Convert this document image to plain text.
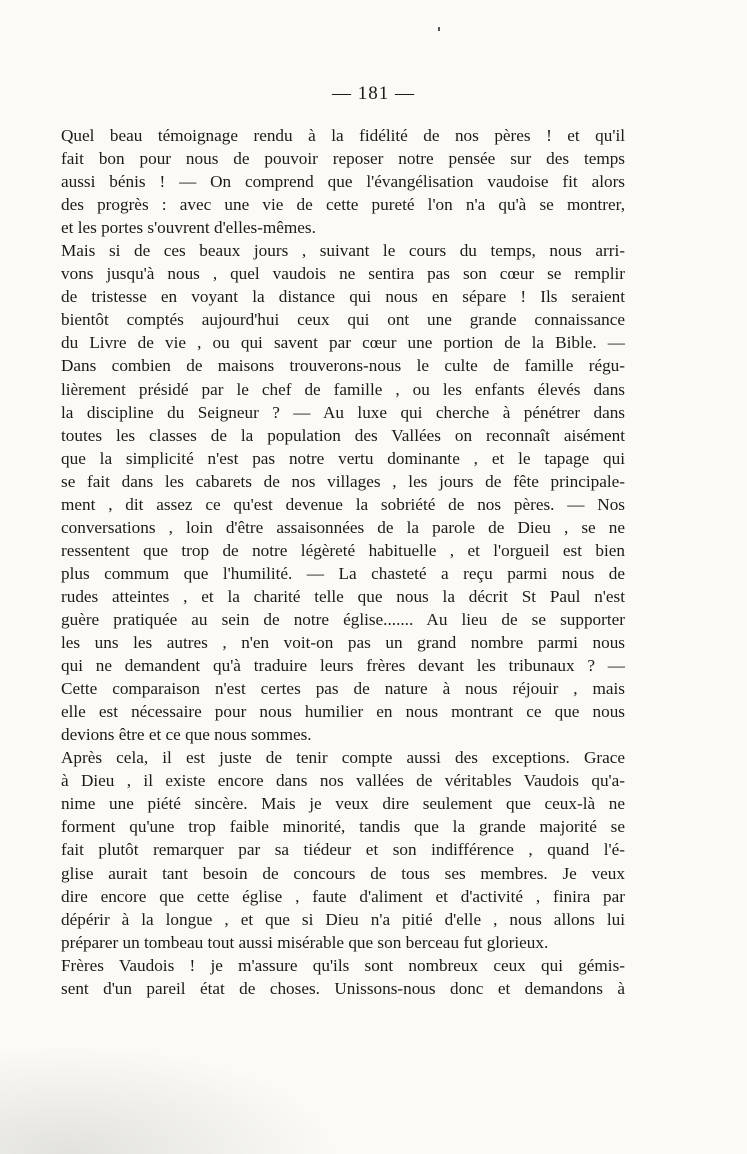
— 181 —
Quel beau témoignage rendu à la fidélité de nos pères ! et qu'il
fait bon pour nous de pouvoir reposer notre pensée sur des temps
aussi bénis ! — On comprend que l'évangélisation vaudoise fit alors
des progrès : avec une vie de cette pureté l'on n'a qu'à se montrer,
et les portes s'ouvrent d'elles-mêmes.
Mais si de ces beaux jours , suivant le cours du temps, nous arri-
vons jusqu'à nous , quel vaudois ne sentira pas son cœur se remplir
de tristesse en voyant la distance qui nous en sépare ! Ils seraient
bientôt comptés aujourd'hui ceux qui ont une grande connaissance
du Livre de vie , ou qui savent par cœur une portion de la Bible. —
Dans combien de maisons trouverons-nous le culte de famille régu-
lièrement présidé par le chef de famille , ou les enfants élevés dans
la discipline du Seigneur ? — Au luxe qui cherche à pénétrer dans
toutes les classes de la population des Vallées on reconnaît aisément
que la simplicité n'est pas notre vertu dominante , et le tapage qui
se fait dans les cabarets de nos villages , les jours de fête principale-
ment , dit assez ce qu'est devenue la sobriété de nos pères. — Nos
conversations , loin d'être assaisonnées de la parole de Dieu , se ne
ressentent que trop de notre légèreté habituelle , et l'orgueil est bien
plus commum que l'humilité. — La chasteté a reçu parmi nous de
rudes atteintes , et la charité telle que nous la décrit St Paul n'est
guère pratiquée au sein de notre église....... Au lieu de se supporter
les uns les autres , n'en voit-on pas un grand nombre parmi nous
qui ne demandent qu'à traduire leurs frères devant les tribunaux ? —
Cette comparaison n'est certes pas de nature à nous réjouir , mais
elle est nécessaire pour nous humilier en nous montrant ce que nous
devions être et ce que nous sommes.
Après cela, il est juste de tenir compte aussi des exceptions. Grace
à Dieu , il existe encore dans nos vallées de véritables Vaudois qu'a-
nime une piété sincère. Mais je veux dire seulement que ceux-là ne
forment qu'une trop faible minorité, tandis que la grande majorité se
fait plutôt remarquer par sa tiédeur et son indifférence , quand l'é-
glise aurait tant besoin de concours de tous ses membres. Je veux
dire encore que cette église , faute d'aliment et d'activité , finira par
dépérir à la longue , et que si Dieu n'a pitié d'elle , nous allons lui
préparer un tombeau tout aussi misérable que son berceau fut glorieux.
Frères Vaudois ! je m'assure qu'ils sont nombreux ceux qui gémis-
sent d'un pareil état de choses. Unissons-nous donc et demandons à
